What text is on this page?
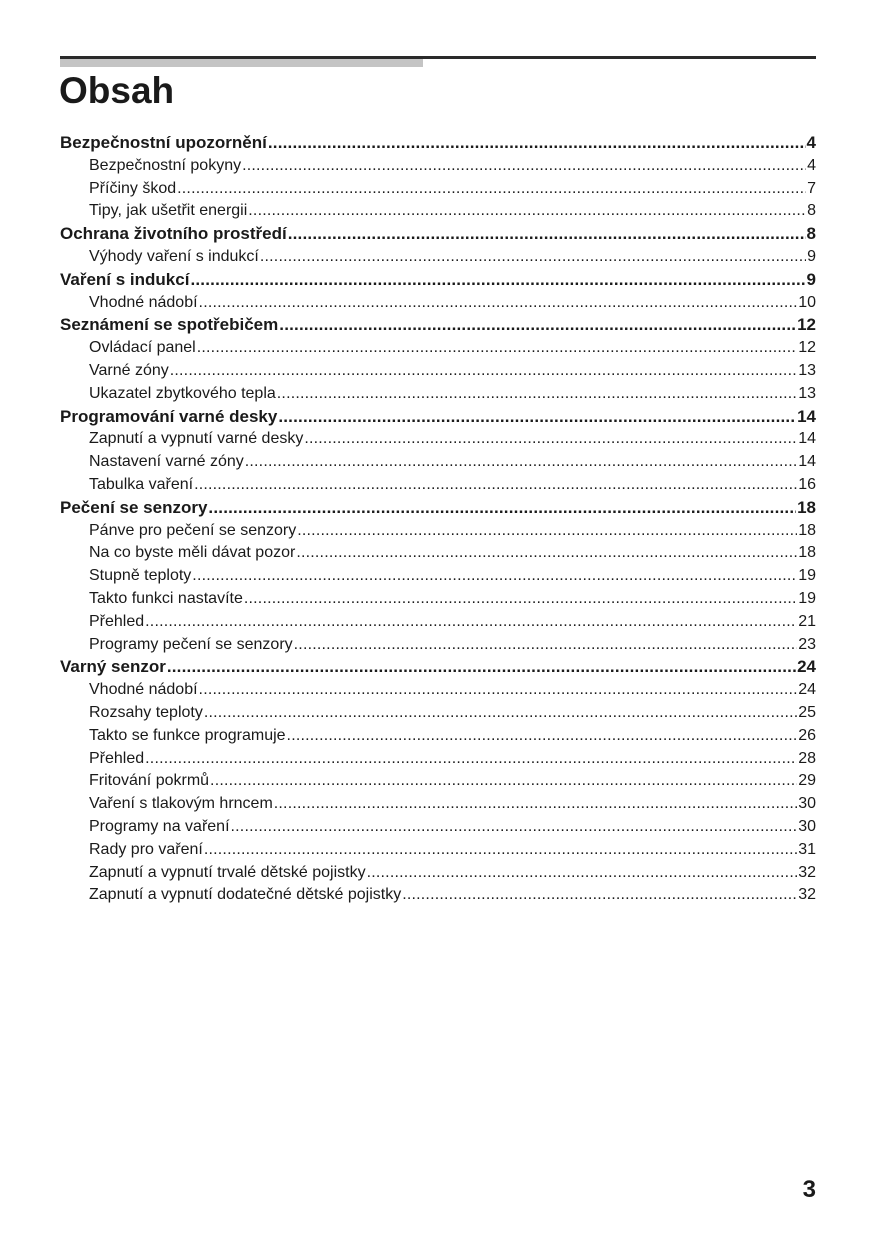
Obsah
Bezpečnostní upozornění .....	4
Bezpečnostní pokyny .....	4
Příčiny škod .....	7
Tipy, jak ušetřit energii .....	8
Ochrana životního prostředí .....	8
Výhody vaření s indukcí .....	9
Vaření s indukcí .....	9
Vhodné nádobí .....	10
Seznámení se spotřebičem .....	12
Ovládací panel .....	12
Varné zóny .....	13
Ukazatel zbytkového tepla .....	13
Programování varné desky .....	14
Zapnutí a vypnutí varné desky .....	14
Nastavení varné zóny .....	14
Tabulka vaření .....	16
Pečení se senzory .....	18
Pánve pro pečení se senzory .....	18
Na co byste měli dávat pozor .....	18
Stupně teploty .....	19
Takto funkci nastavíte .....	19
Přehled .....	21
Programy pečení se senzory .....	23
Varný senzor .....	24
Vhodné nádobí .....	24
Rozsahy teploty .....	25
Takto se funkce programuje .....	26
Přehled .....	28
Fritování pokrmů .....	29
Vaření s tlakovým hrncem .....	30
Programy na vaření .....	30
Rady pro vaření .....	31
Zapnutí a vypnutí trvalé dětské pojistky .....	32
Zapnutí a vypnutí dodatečné dětské pojistky .....	32
3
